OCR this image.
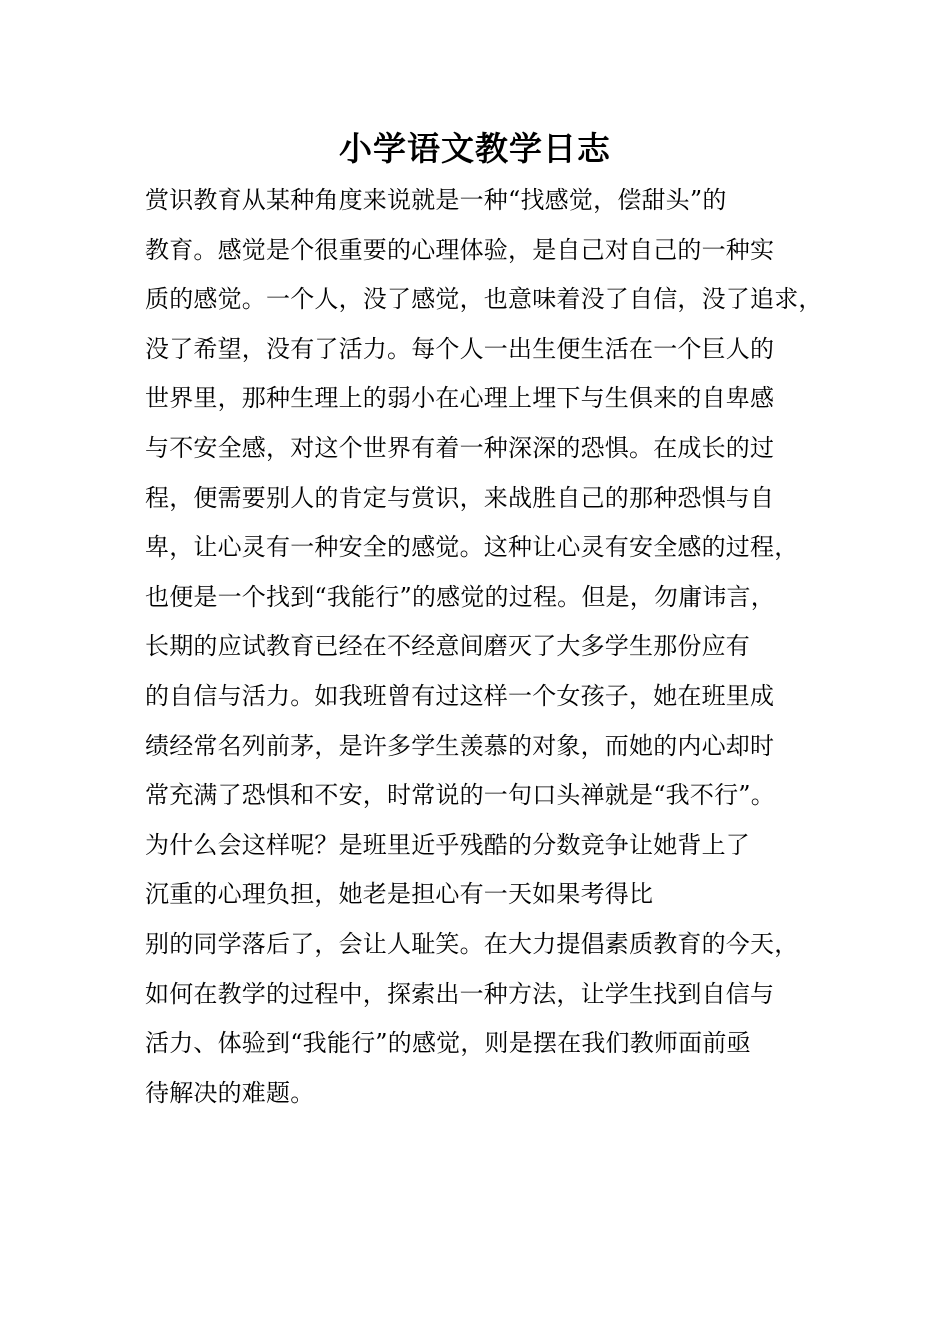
小学语文教学日志
赏识教育从某种角度来说就是一种“找感觉，偿甜头”的
教育。感觉是个很重要的心理体验，是自己对自己的一种实
质的感觉。一个人，没了感觉，也意味着没了自信，没了追求，
没了希望，没有了活力。每个人一出生便生活在一个巨人的
世界里，那种生理上的弱小在心理上埋下与生俱来的自卑感
与不安全感，对这个世界有着一种深深的恐惧。在成长的过
程，便需要别人的肯定与赏识，来战胜自己的那种恐惧与自
卑，让心灵有一种安全的感觉。这种让心灵有安全感的过程，
也便是一个找到“我能行”的感觉的过程。但是，勿庸讳言，
长期的应试教育已经在不经意间磨灭了大多学生那份应有
的自信与活力。如我班曾有过这样一个女孩子，她在班里成
绩经常名列前茅，是许多学生羡慕的对象，而她的内心却时
常充满了恐惧和不安，时常说的一句口头禅就是“我不行”。
为什么会这样呢？是班里近乎残酷的分数竞争让她背上了
沉重的心理负担，她老是担心有一天如果考得比
别的同学落后了，会让人耻笑。在大力提倡素质教育的今天，
如何在教学的过程中，探索出一种方法，让学生找到自信与
活力、体验到“我能行”的感觉，则是摆在我们教师面前亟
待解决的难题。
